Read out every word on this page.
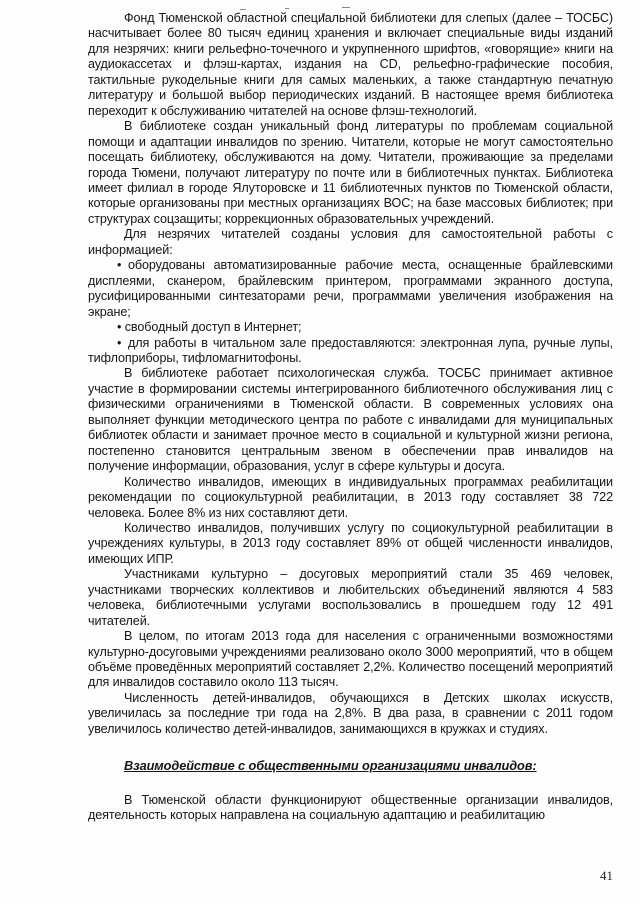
Фонд Тюменской областной специальной библиотеки для слепых (далее – ТОСБС) насчитывает более 80 тысяч единиц хранения и включает специальные виды изданий для незрячих: книги рельефно-точечного и укрупненного шрифтов, «говорящие» книги на аудиокассетах и флэш-картах, издания на CD, рельефно-графические пособия, тактильные рукодельные книги для самых маленьких, а также стандартную печатную литературу и большой выбор периодических изданий. В настоящее время библиотека переходит к обслуживанию читателей на основе флэш-технологий.

В библиотеке создан уникальный фонд литературы по проблемам социальной помощи и адаптации инвалидов по зрению. Читатели, которые не могут самостоятельно посещать библиотеку, обслуживаются на дому. Читатели, проживающие за пределами города Тюмени, получают литературу по почте или в библиотечных пунктах. Библиотека имеет филиал в городе Ялуторовске и 11 библиотечных пунктов по Тюменской области, которые организованы при местных организациях ВОС; на базе массовых библиотек; при структурах соцзащиты; коррекционных образовательных учреждений.

Для незрячих читателей созданы условия для самостоятельной работы с информацией:

• оборудованы автоматизированные рабочие места, оснащенные брайлевскими дисплеями, сканером, брайлевским принтером, программами экранного доступа, русифицированными синтезаторами речи, программами увеличения изображения на экране;

• свободный доступ в Интернет;

• для работы в читальном зале предоставляются: электронная лупа, ручные лупы, тифлоприборы, тифломагнитофоны.

В библиотеке работает психологическая служба. ТОСБС принимает активное участие в формировании системы интегрированного библиотечного обслуживания лиц с физическими ограничениями в Тюменской области. В современных условиях она выполняет функции методического центра по работе с инвалидами для муниципальных библиотек области и занимает прочное место в социальной и культурной жизни региона, постепенно становится центральным звеном в обеспечении прав инвалидов на получение информации, образования, услуг в сфере культуры и досуга.

Количество инвалидов, имеющих в индивидуальных программах реабилитации рекомендации по социокультурной реабилитации, в 2013 году составляет 38 722 человека. Более 8% из них составляют дети.

Количество инвалидов, получивших услугу по социокультурной реабилитации в учреждениях культуры, в 2013 году составляет 89% от общей численности инвалидов, имеющих ИПР.

Участниками культурно – досуговых мероприятий стали 35 469 человек, участниками творческих коллективов и любительских объединений являются 4 583 человека, библиотечными услугами воспользовались в прошедшем году 12 491 читателей.

В целом, по итогам 2013 года для населения с ограниченными возможностями культурно-досуговыми учреждениями реализовано около 3000 мероприятий, что в общем объёме проведённых мероприятий составляет 2,2%. Количество посещений мероприятий для инвалидов составило около 113 тысяч.

Численность детей-инвалидов, обучающихся в Детских школах искусств, увеличилась за последние три года на 2,8%. В два раза, в сравнении с 2011 годом увеличилось количество детей-инвалидов, занимающихся в кружках и студиях.

Взаимодействие с общественными организациями инвалидов:

В Тюменской области функционируют общественные организации инвалидов, деятельность которых направлена на социальную адаптацию и реабилитацию

41
